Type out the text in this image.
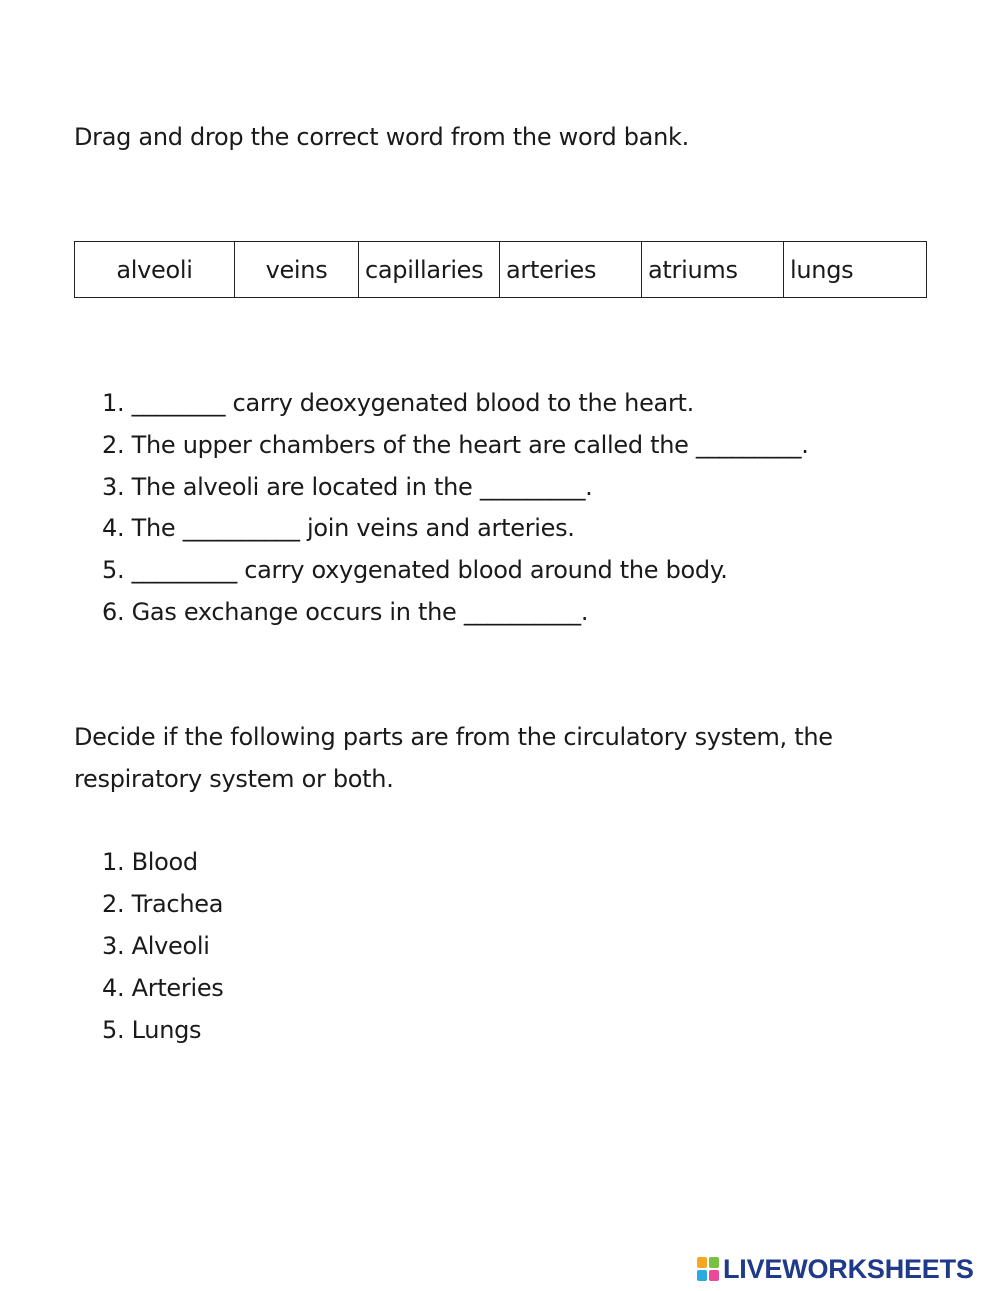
Drag and drop the correct word from the word bank.
alveoli	veins	capillaries	arteries	atriums	lungs
1. ________ carry deoxygenated blood to the heart.
2. The upper chambers of the heart are called the _________.
3. The alveoli are located in the _________.
4. The __________ join veins and arteries.
5. _________ carry oxygenated blood around the body.
6. Gas exchange occurs in the __________.
Decide if the following parts are from the circulatory system, the
respiratory system or both.
1. Blood
2. Trachea
3. Alveoli
4. Arteries
5. Lungs
LIVEWORKSHEETS
